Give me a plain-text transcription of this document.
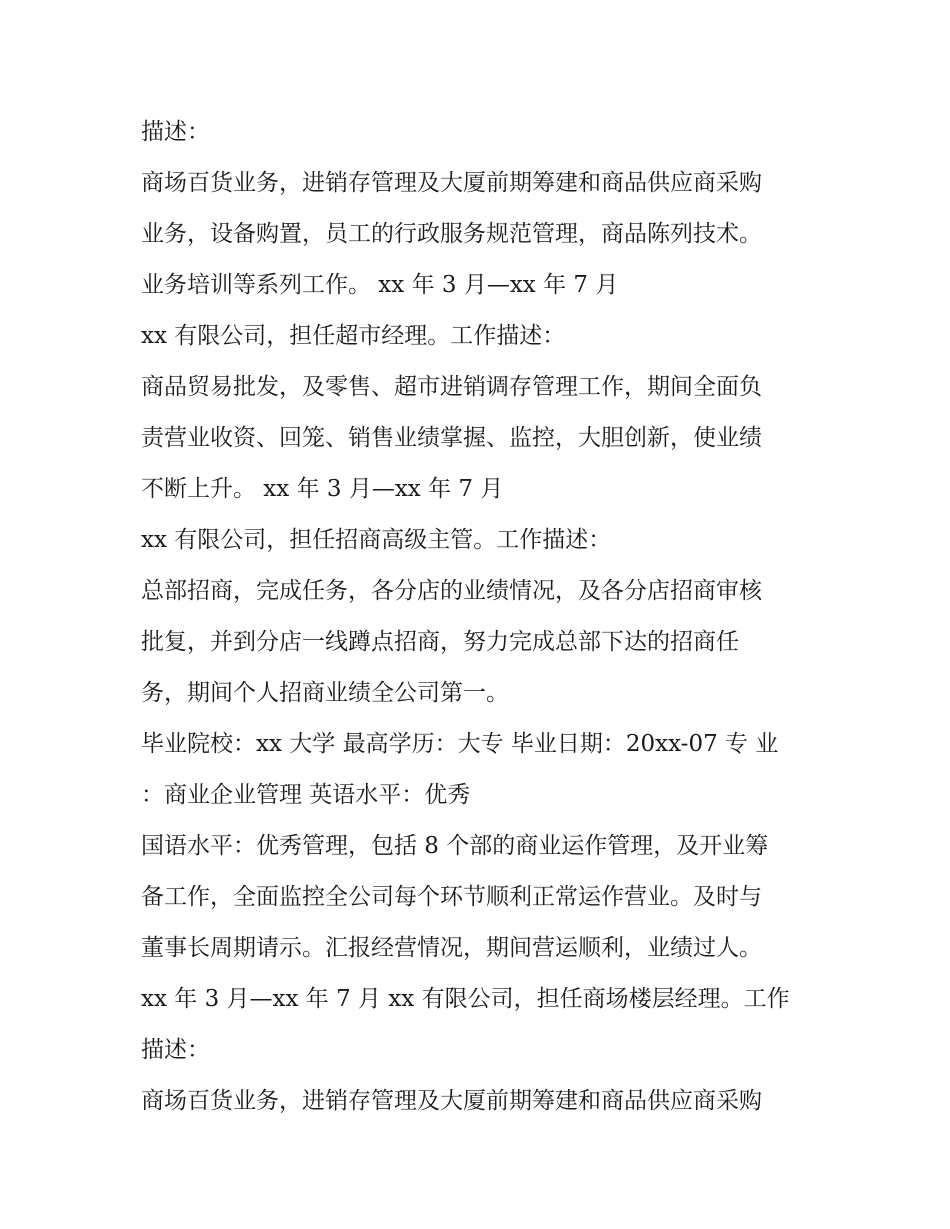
描述：
商场百货业务，进销存管理及大厦前期筹建和商品供应商采购
业务，设备购置，员工的行政服务规范管理，商品陈列技术。
业务培训等系列工作。 xx 年 3 月—xx 年 7 月
xx 有限公司，担任超市经理。工作描述：
商品贸易批发，及零售、超市进销调存管理工作，期间全面负
责营业收资、回笼、销售业绩掌握、监控，大胆创新，使业绩
不断上升。 xx 年 3 月—xx 年 7 月
xx 有限公司，担任招商高级主管。工作描述：
总部招商，完成任务，各分店的业绩情况，及各分店招商审核
批复，并到分店一线蹲点招商，努力完成总部下达的招商任
务，期间个人招商业绩全公司第一。
毕业院校：xx 大学 最高学历：大专 毕业日期：20xx-07 专 业
：商业企业管理 英语水平：优秀
国语水平：优秀管理，包括 8 个部的商业运作管理，及开业筹
备工作，全面监控全公司每个环节顺利正常运作营业。及时与
董事长周期请示。汇报经营情况，期间营运顺利，业绩过人。
xx 年 3 月—xx 年 7 月 xx 有限公司，担任商场楼层经理。工作
描述：
商场百货业务，进销存管理及大厦前期筹建和商品供应商采购
